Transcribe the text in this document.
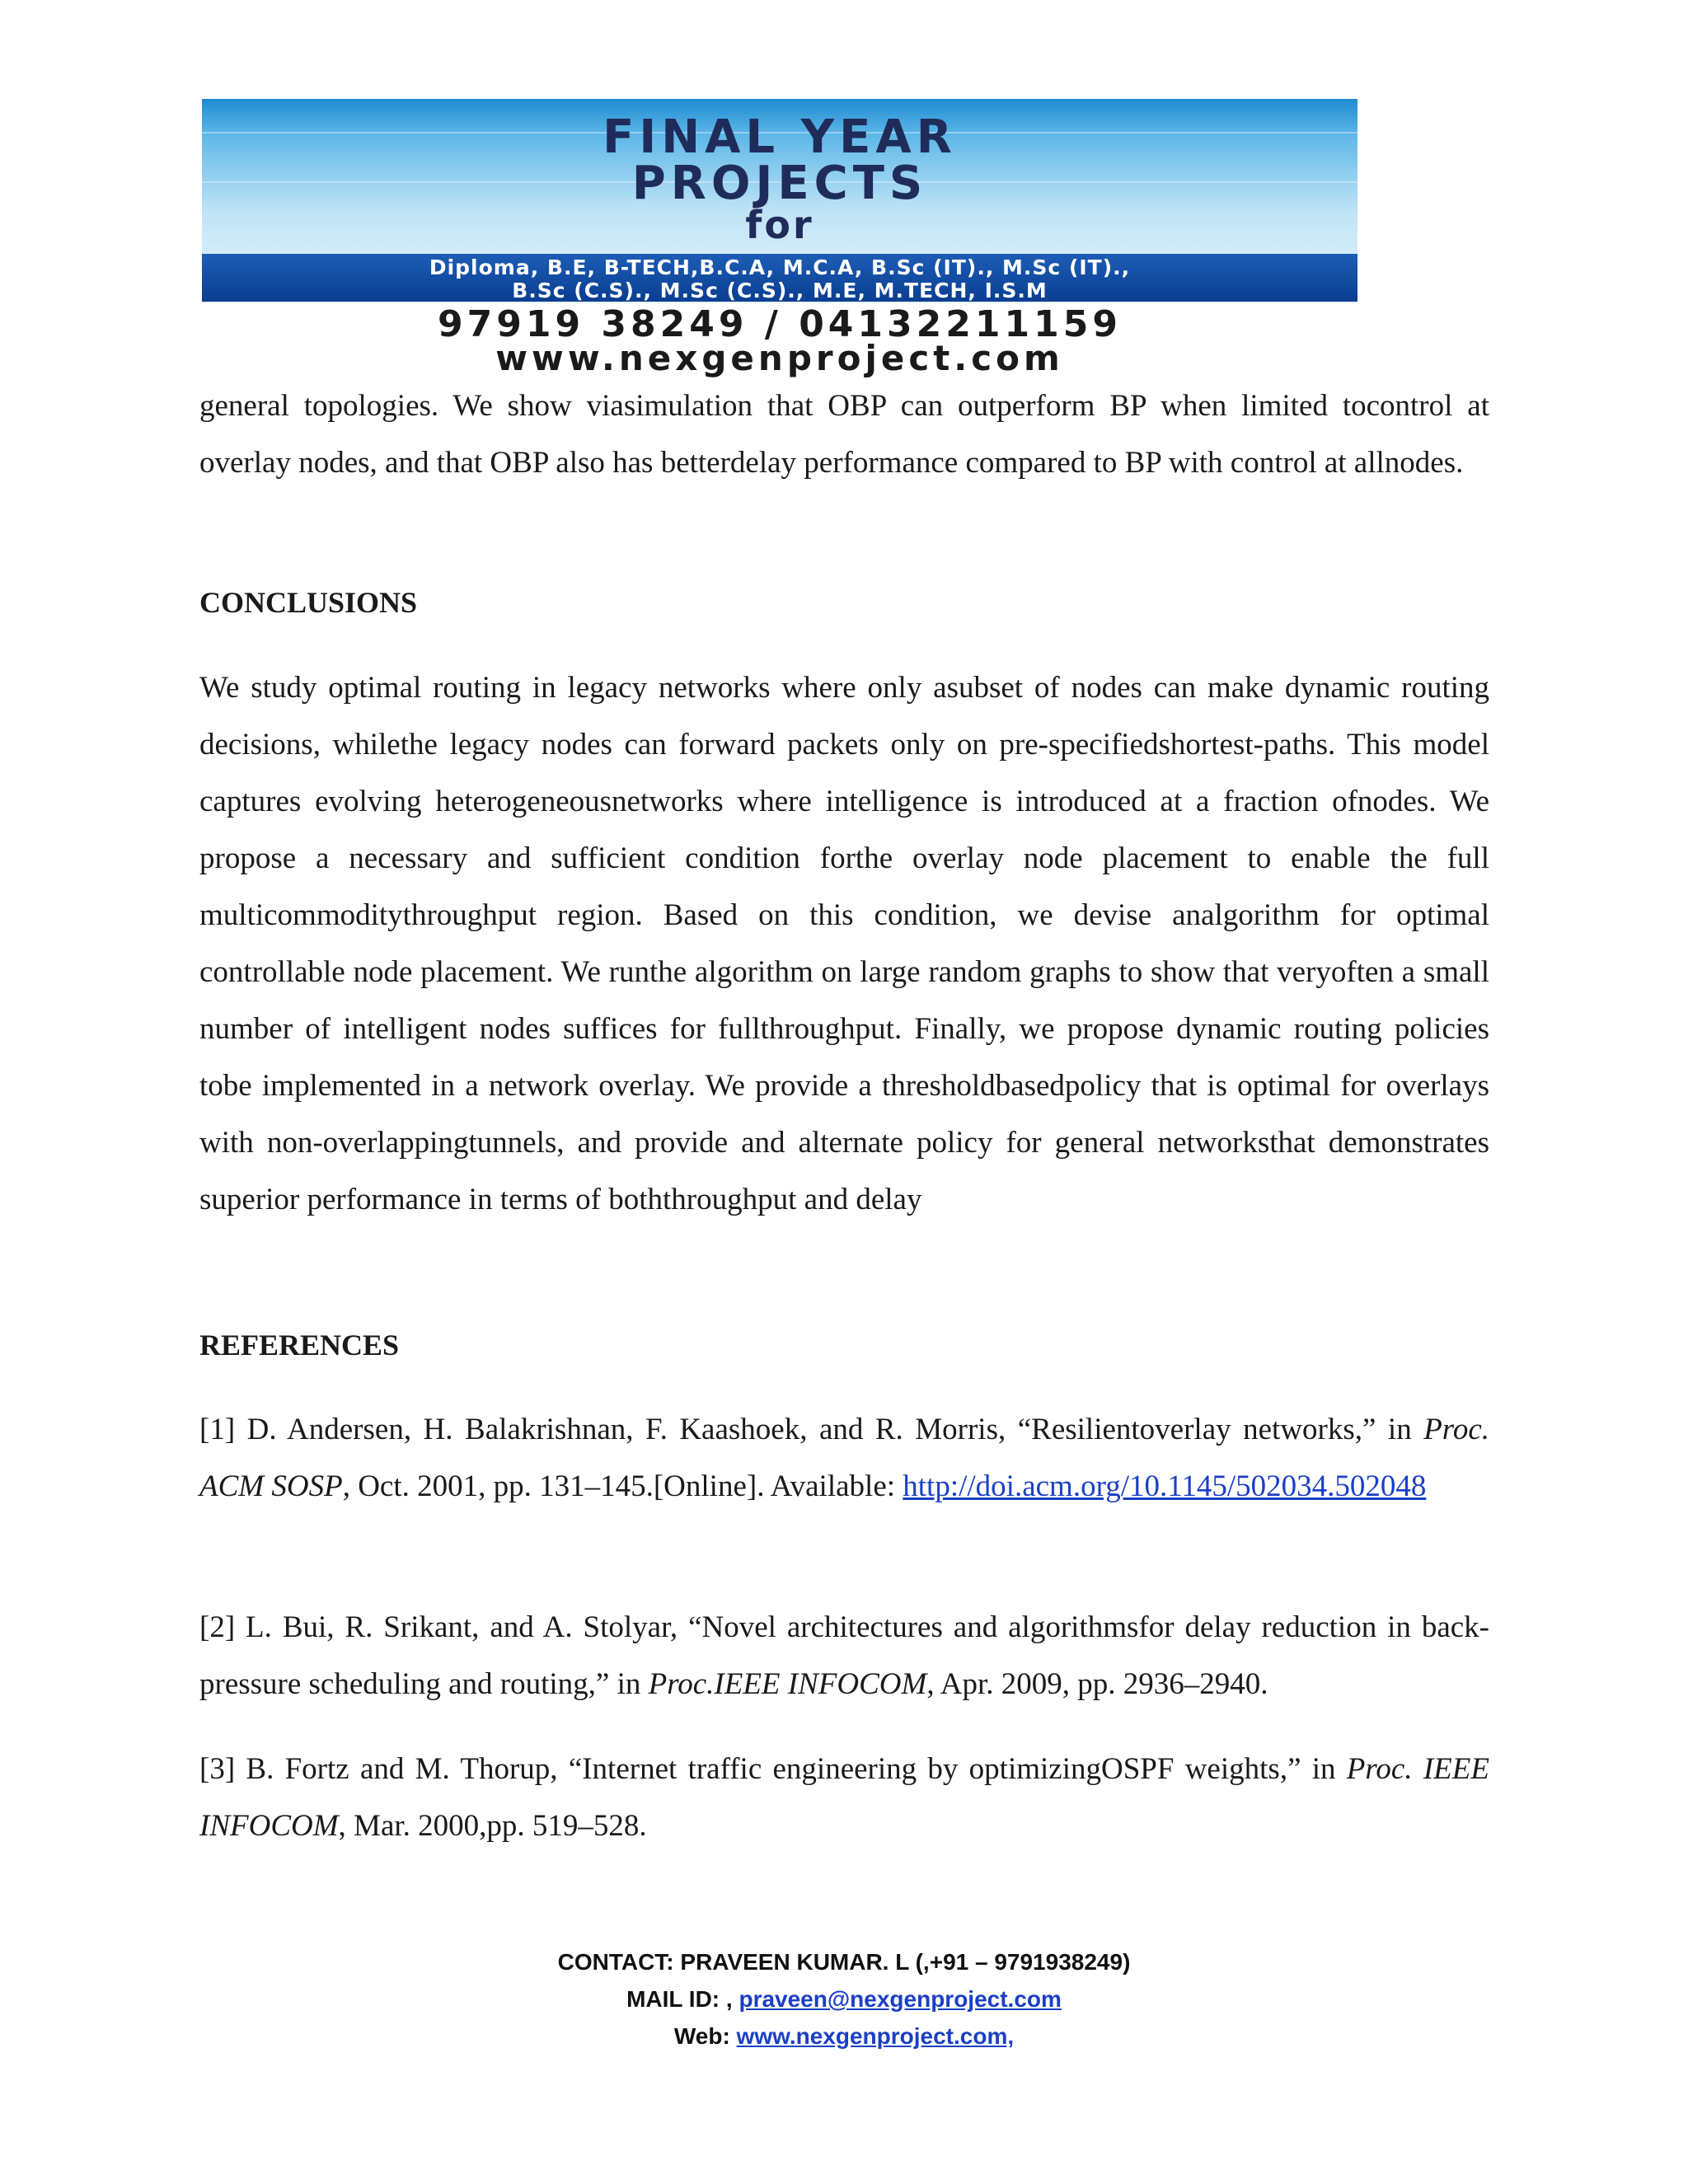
FINAL YEAR
PROJECTS
for
Diploma, B.E, B-TECH,B.C.A, M.C.A, B.Sc (IT)., M.Sc (IT).,
B.Sc (C.S)., M.Sc (C.S)., M.E, M.TECH, I.S.M
97919 38249 / 04132211159
www.nexgenproject.com

general topologies. We show viasimulation that OBP can outperform BP when limited tocontrol at overlay nodes, and that OBP also has betterdelay performance compared to BP with control at allnodes.

CONCLUSIONS

We study optimal routing in legacy networks where only asubset of nodes can make dynamic routing decisions, whilethe legacy nodes can forward packets only on pre-specifiedshortest-paths. This model captures evolving heterogeneousnetworks where intelligence is introduced at a fraction ofnodes. We propose a necessary and sufficient condition forthe overlay node placement to enable the full multicommoditythroughput region. Based on this condition, we devise analgorithm for optimal controllable node placement. We runthe algorithm on large random graphs to show that veryoften a small number of intelligent nodes suffices for fullthroughput. Finally, we propose dynamic routing policies tobe implemented in a network overlay. We provide a thresholdbasedpolicy that is optimal for overlays with non-overlappingtunnels, and provide and alternate policy for general networksthat demonstrates superior performance in terms of boththroughput and delay

REFERENCES

[1] D. Andersen, H. Balakrishnan, F. Kaashoek, and R. Morris, “Resilientoverlay networks,” in Proc. ACM SOSP, Oct. 2001, pp. 131–145.[Online]. Available: http://doi.acm.org/10.1145/502034.502048

[2] L. Bui, R. Srikant, and A. Stolyar, “Novel architectures and algorithmsfor delay reduction in back-pressure scheduling and routing,” in Proc.IEEE INFOCOM, Apr. 2009, pp. 2936–2940.

[3] B. Fortz and M. Thorup, “Internet traffic engineering by optimizingOSPF weights,” in Proc. IEEE INFOCOM, Mar. 2000,pp. 519–528.

CONTACT: PRAVEEN KUMAR. L (,+91 – 9791938249)
MAIL ID: , praveen@nexgenproject.com
Web: www.nexgenproject.com,
